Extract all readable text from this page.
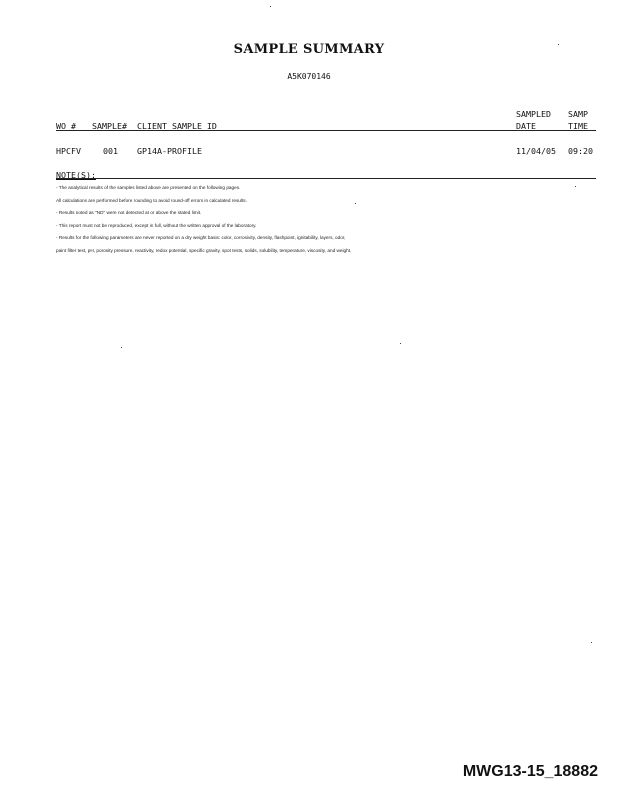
SAMPLE SUMMARY
A5K070146
WO # SAMPLE# CLIENT SAMPLE ID
SAMPLED
DATE
SAMP
TIME
HPCFV	001 GP14A-PROFILE	11/04/05 09:20
NOTE(S):
- The analytical results of the samples listed above are presented on the following pages.
All calculations are performed before rounding to avoid round-off errors in calculated results.
- Results noted as "ND" were not detected at or above the stated limit.
- This report must not be reproduced, except in full, without the written approval of the laboratory.
- Results for the following parameters are never reported on a dry weight basis: color, corrosivity, density, flashpoint, ignitability, layers, odor,
paint filter test, pH, porosity pressure, reactivity, redox potential, specific gravity, spot tests, solids, solubility, temperature, viscosity, and weight.
MWG13-15_18882
